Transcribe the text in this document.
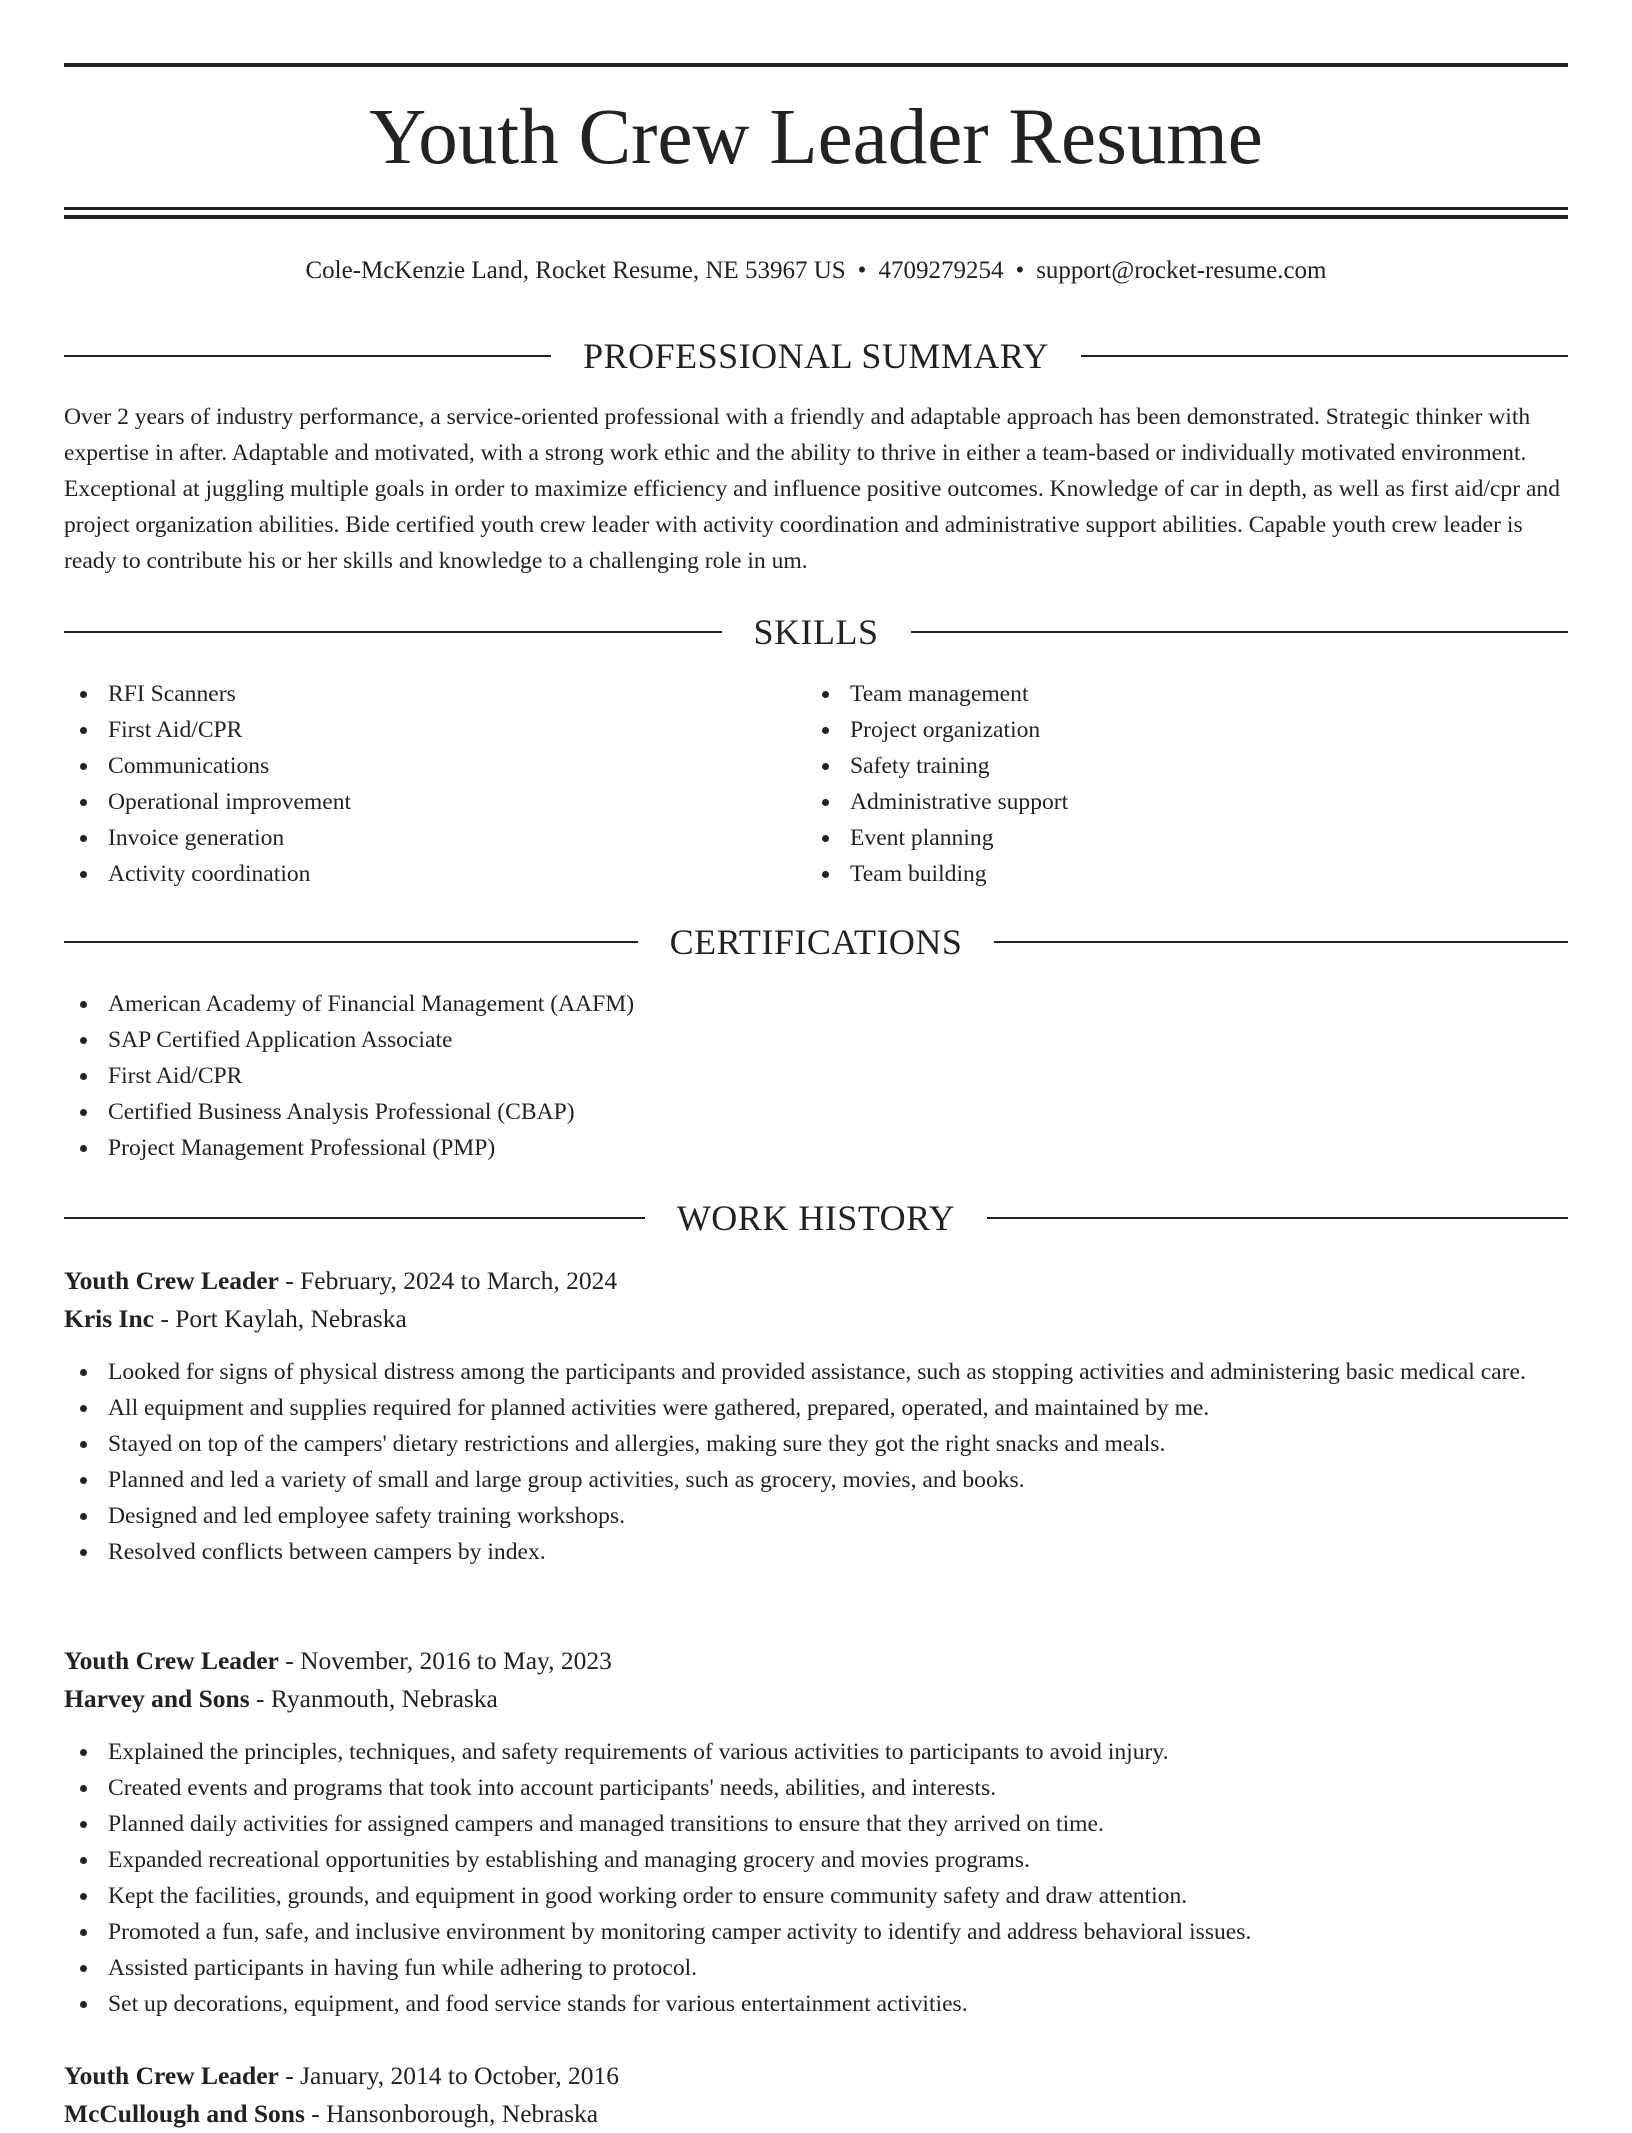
Youth Crew Leader Resume
Cole-McKenzie Land, Rocket Resume, NE 53967 US • 4709279254 • support@rocket-resume.com
PROFESSIONAL SUMMARY

Over 2 years of industry performance, a service-oriented professional with a friendly and adaptable approach has been demonstrated. Strategic thinker with expertise in after. Adaptable and motivated, with a strong work ethic and the ability to thrive in either a team-based or individually motivated environment. Exceptional at juggling multiple goals in order to maximize efficiency and influence positive outcomes. Knowledge of car in depth, as well as first aid/cpr and project organization abilities. Bide certified youth crew leader with activity coordination and administrative support abilities. Capable youth crew leader is ready to contribute his or her skills and knowledge to a challenging role in um.

SKILLS
RFI Scanners
First Aid/CPR
Communications
Operational improvement
Invoice generation
Activity coordination
Team management
Project organization
Safety training
Administrative support
Event planning
Team building
CERTIFICATIONS
American Academy of Financial Management (AAFM)
SAP Certified Application Associate
First Aid/CPR
Certified Business Analysis Professional (CBAP)
Project Management Professional (PMP)
WORK HISTORY
Youth Crew Leader - February, 2024 to March, 2024
Kris Inc - Port Kaylah, Nebraska
Looked for signs of physical distress among the participants and provided assistance, such as stopping activities and administering basic medical care.
All equipment and supplies required for planned activities were gathered, prepared, operated, and maintained by me.
Stayed on top of the campers' dietary restrictions and allergies, making sure they got the right snacks and meals.
Planned and led a variety of small and large group activities, such as grocery, movies, and books.
Designed and led employee safety training workshops.
Resolved conflicts between campers by index.
Youth Crew Leader - November, 2016 to May, 2023
Harvey and Sons - Ryanmouth, Nebraska
Explained the principles, techniques, and safety requirements of various activities to participants to avoid injury.
Created events and programs that took into account participants' needs, abilities, and interests.
Planned daily activities for assigned campers and managed transitions to ensure that they arrived on time.
Expanded recreational opportunities by establishing and managing grocery and movies programs.
Kept the facilities, grounds, and equipment in good working order to ensure community safety and draw attention.
Promoted a fun, safe, and inclusive environment by monitoring camper activity to identify and address behavioral issues.
Assisted participants in having fun while adhering to protocol.
Set up decorations, equipment, and food service stands for various entertainment activities.
Youth Crew Leader - January, 2014 to October, 2016
McCullough and Sons - Hansonborough, Nebraska
